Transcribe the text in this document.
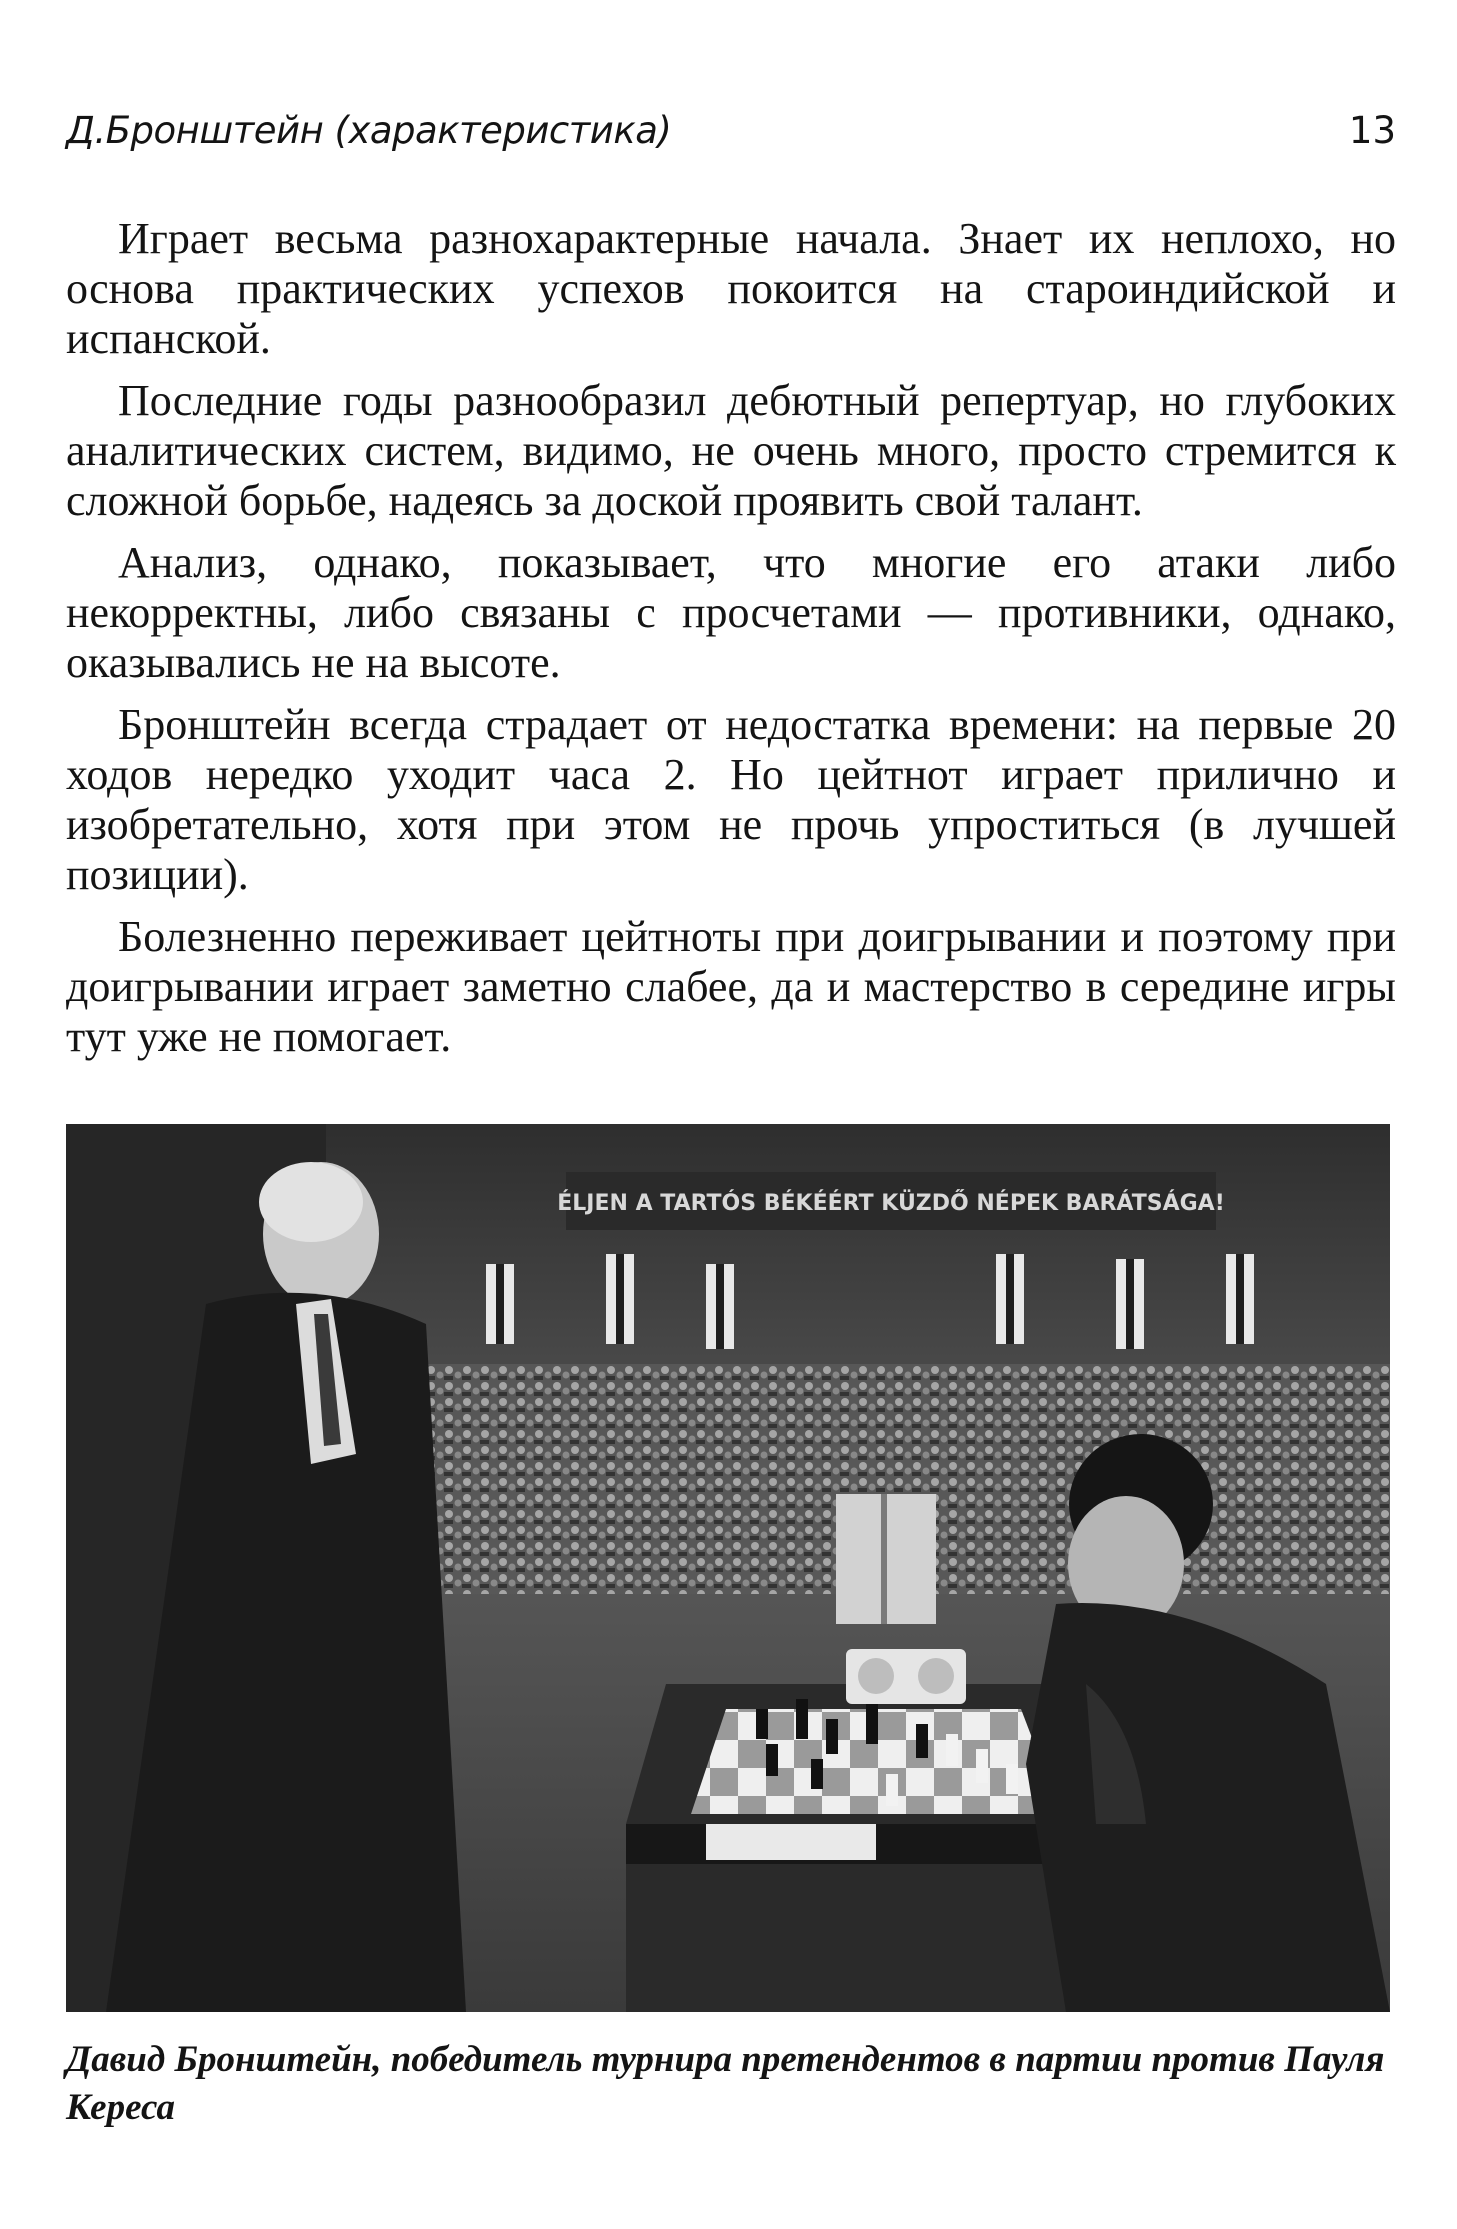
Д.Бронштейн (характеристика)	13

Играет весьма разнохарактерные начала. Знает их неплохо, но основа практических успехов покоится на староиндийской и испанской.

Последние годы разнообразил дебютный репертуар, но глубоких аналитических систем, видимо, не очень много, просто стремится к сложной борьбе, надеясь за доской проявить свой талант.

Анализ, однако, показывает, что многие его атаки либо некорректны, либо связаны с просчетами — противники, однако, оказывались не на высоте.

Бронштейн всегда страдает от недостатка времени: на первые 20 ходов нередко уходит часа 2. Но цейтнот играет прилично и изобретательно, хотя при этом не прочь упроститься (в лучшей позиции).

Болезненно переживает цейтноты при доигрывании и поэтому при доигрывании играет заметно слабее, да и мастерство в середине игры тут уже не помогает.

ÉLJEN A TARTÓS BÉKÉÉRT KÜZDŐ NÉPEK BARÁTSÁGA!
Давид Бронштейн, победитель турнира претендентов в партии против Пауля Кереса
